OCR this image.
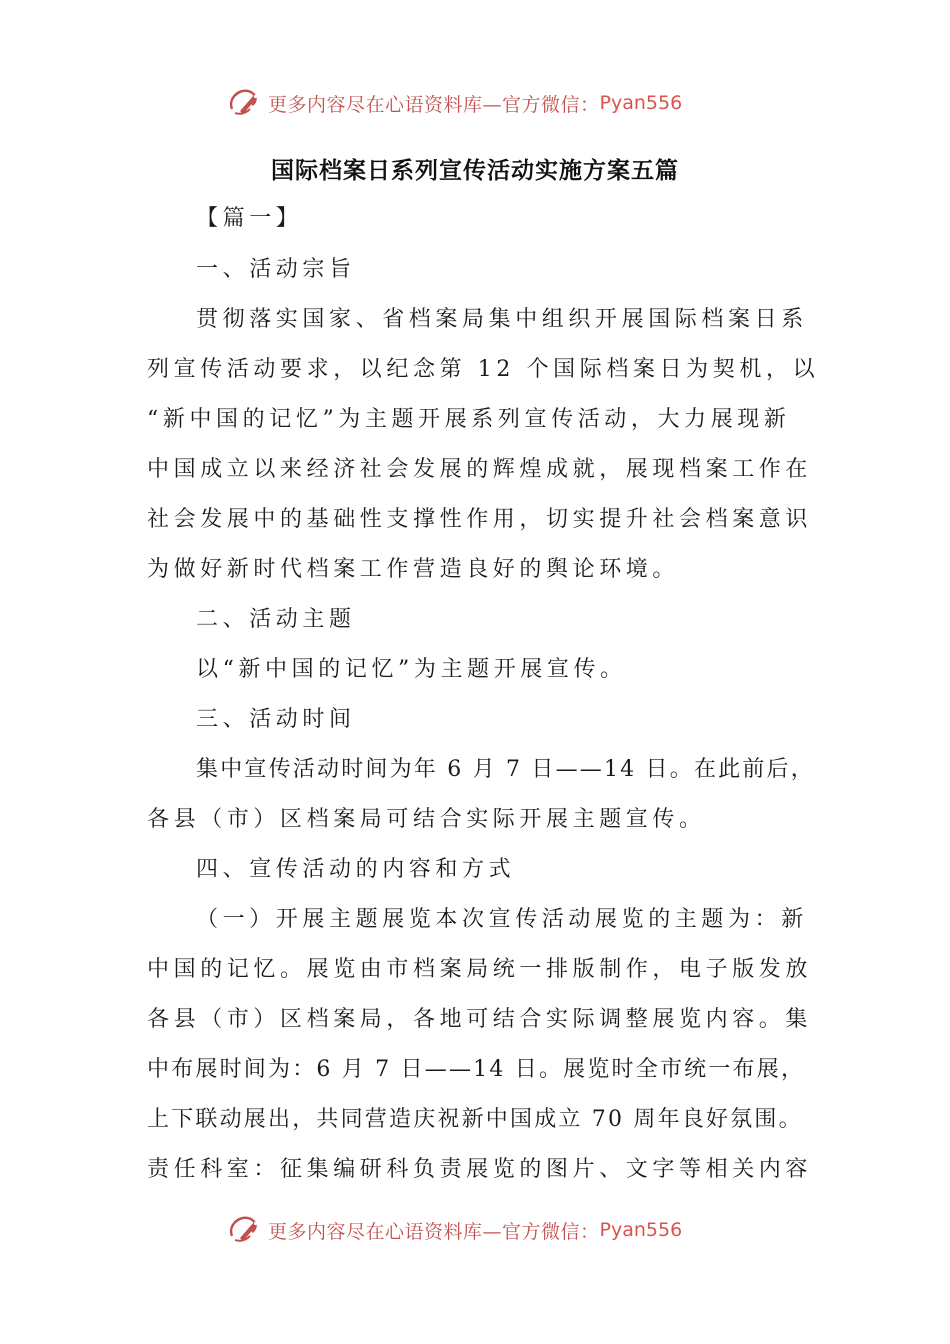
更多内容尽在心语资料库—官方微信： Pyan556
国际档案日系列宣传活动实施方案五篇
【篇一】
一、活动宗旨
贯彻落实国家、省档案局集中组织开展国际档案日系
列宣传活动要求，以纪念第 12 个国际档案日为契机，以
“新中国的记忆”为主题开展系列宣传活动，大力展现新
中国成立以来经济社会发展的辉煌成就，展现档案工作在
社会发展中的基础性支撑性作用，切实提升社会档案意识
为做好新时代档案工作营造良好的舆论环境。
二、活动主题
以“新中国的记忆”为主题开展宣传。
三、活动时间
集中宣传活动时间为年 6 月 7 日——14 日。在此前后，
各县（市）区档案局可结合实际开展主题宣传。
四、宣传活动的内容和方式
（一）开展主题展览本次宣传活动展览的主题为：新
中国的记忆。展览由市档案局统一排版制作，电子版发放
各县（市）区档案局，各地可结合实际调整展览内容。集
中布展时间为：6 月 7 日——14 日。展览时全市统一布展，
上下联动展出，共同营造庆祝新中国成立 70 周年良好氛围。
责任科室：征集编研科负责展览的图片、文字等相关内容
更多内容尽在心语资料库—官方微信： Pyan556
